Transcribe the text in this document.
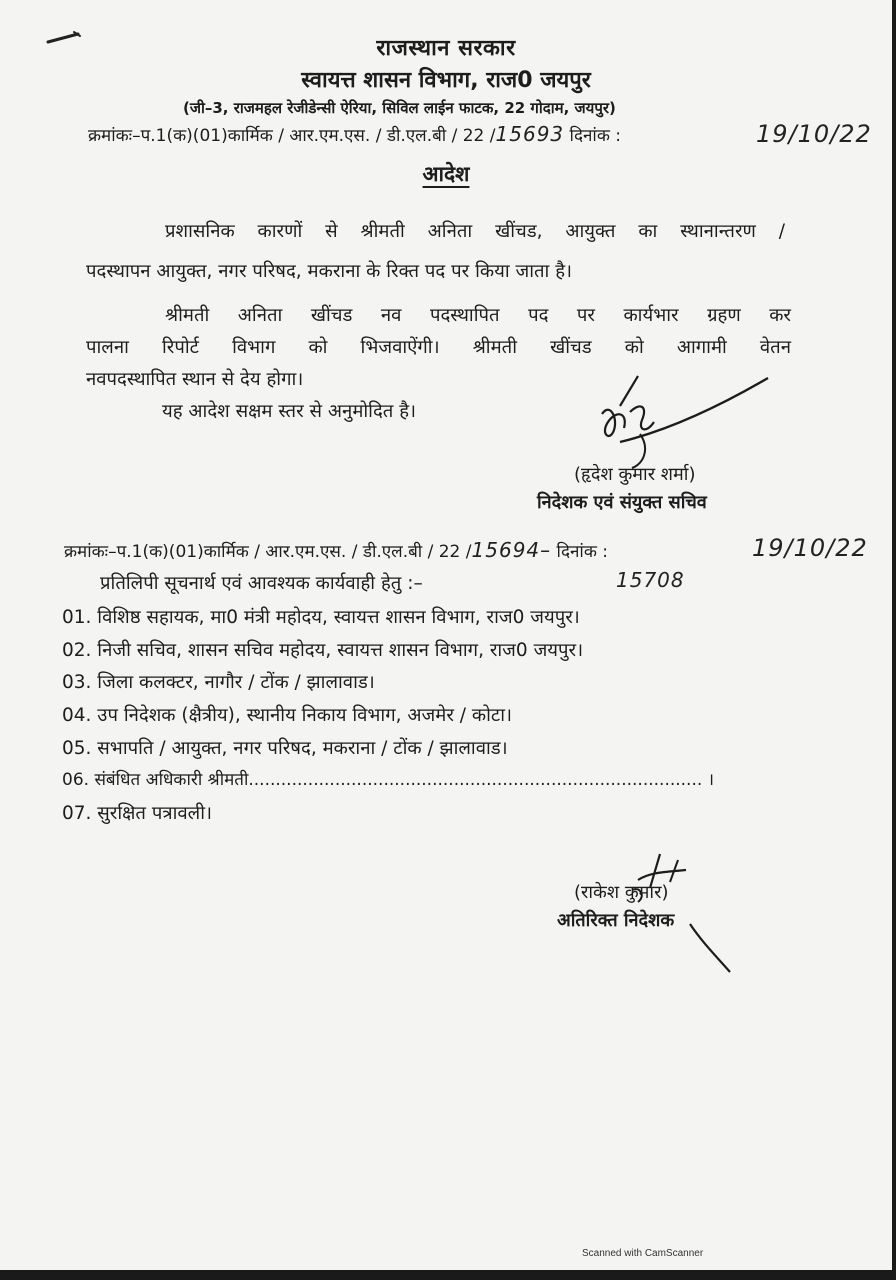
राजस्थान सरकार
स्वायत्त शासन विभाग, राज0 जयपुर
(जी–3, राजमहल रेजीडेन्सी ऐरिया, सिविल लाईन फाटक, 22 गोदाम, जयपुर)
क्रमांकः–प.1(क)(01)कार्मिक / आर.एम.एस. / डी.एल.बी / 22 /15693 दिनांक :	19/10/22
आदेश
प्रशासनिक कारणों से श्रीमती अनिता खींचड, आयुक्त का स्थानान्तरण /
पदस्थापन आयुक्त, नगर परिषद, मकराना के रिक्त पद पर किया जाता है।
श्रीमती अनिता खींचड नव पदस्थापित पद पर कार्यभार ग्रहण कर
पालना रिपोर्ट विभाग को भिजवाऐंगी। श्रीमती खींचड को आगामी वेतन
नवपदस्थापित स्थान से देय होगा।
यह आदेश सक्षम स्तर से अनुमोदित है।
(हृदेश कुमार शर्मा)
निदेशक एवं संयुक्त सचिव
क्रमांकः–प.1(क)(01)कार्मिक / आर.एम.एस. / डी.एल.बी / 22 /15694– दिनांक :	19/10/22
15708
प्रतिलिपी सूचनार्थ एवं आवश्यक कार्यवाही हेतु :–
01. विशिष्ठ सहायक, मा0 मंत्री महोदय, स्वायत्त शासन विभाग, राज0 जयपुर।
02. निजी सचिव, शासन सचिव महोदय, स्वायत्त शासन विभाग, राज0 जयपुर।
03. जिला कलक्टर, नागौर / टोंक / झालावाड।
04. उप निदेशक (क्षैत्रीय), स्थानीय निकाय विभाग, अजमेर / कोटा।
05. सभापति / आयुक्त, नगर परिषद, मकराना / टोंक / झालावाड।
06. संबंधित अधिकारी श्रीमती.................................................................................... ।
07. सुरक्षित पत्रावली।
(राकेश कुमार)
अतिरिक्त निदेशक
Scanned with CamScanner
